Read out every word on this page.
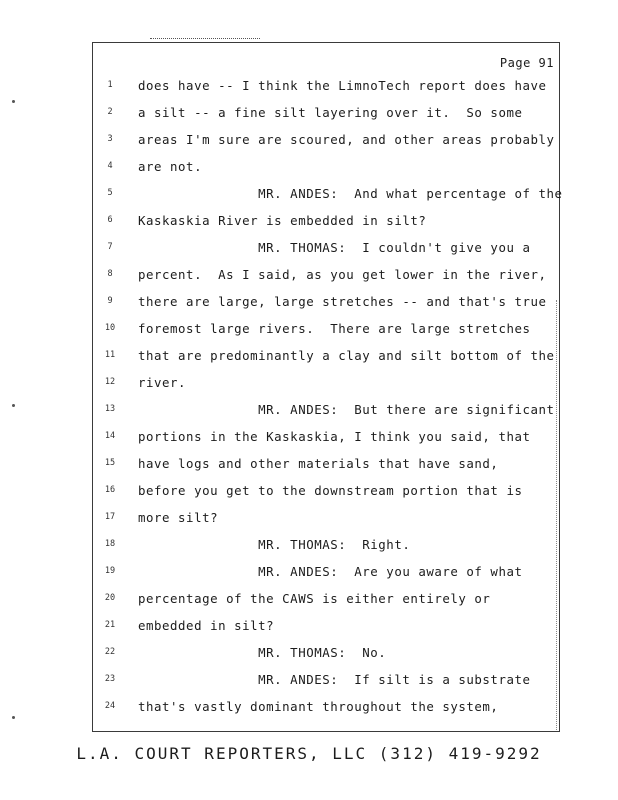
Page 91
1	does have -- I think the LimnoTech report does have
2	a silt -- a fine silt layering over it.  So some
3	areas I'm sure are scoured, and other areas probably
4	are not.
5	MR. ANDES:  And what percentage of the
6	Kaskaskia River is embedded in silt?
7	MR. THOMAS:  I couldn't give you a
8	percent.  As I said, as you get lower in the river,
9	there are large, large stretches -- and that's true
10	foremost large rivers.  There are large stretches
11	that are predominantly a clay and silt bottom of the
12	river.
13	MR. ANDES:  But there are significant
14	portions in the Kaskaskia, I think you said, that
15	have logs and other materials that have sand,
16	before you get to the downstream portion that is
17	more silt?
18	MR. THOMAS:  Right.
19	MR. ANDES:  Are you aware of what
20	percentage of the CAWS is either entirely or
21	embedded in silt?
22	MR. THOMAS:  No.
23	MR. ANDES:  If silt is a substrate
24	that's vastly dominant throughout the system,
L.A. COURT REPORTERS, LLC (312) 419-9292
